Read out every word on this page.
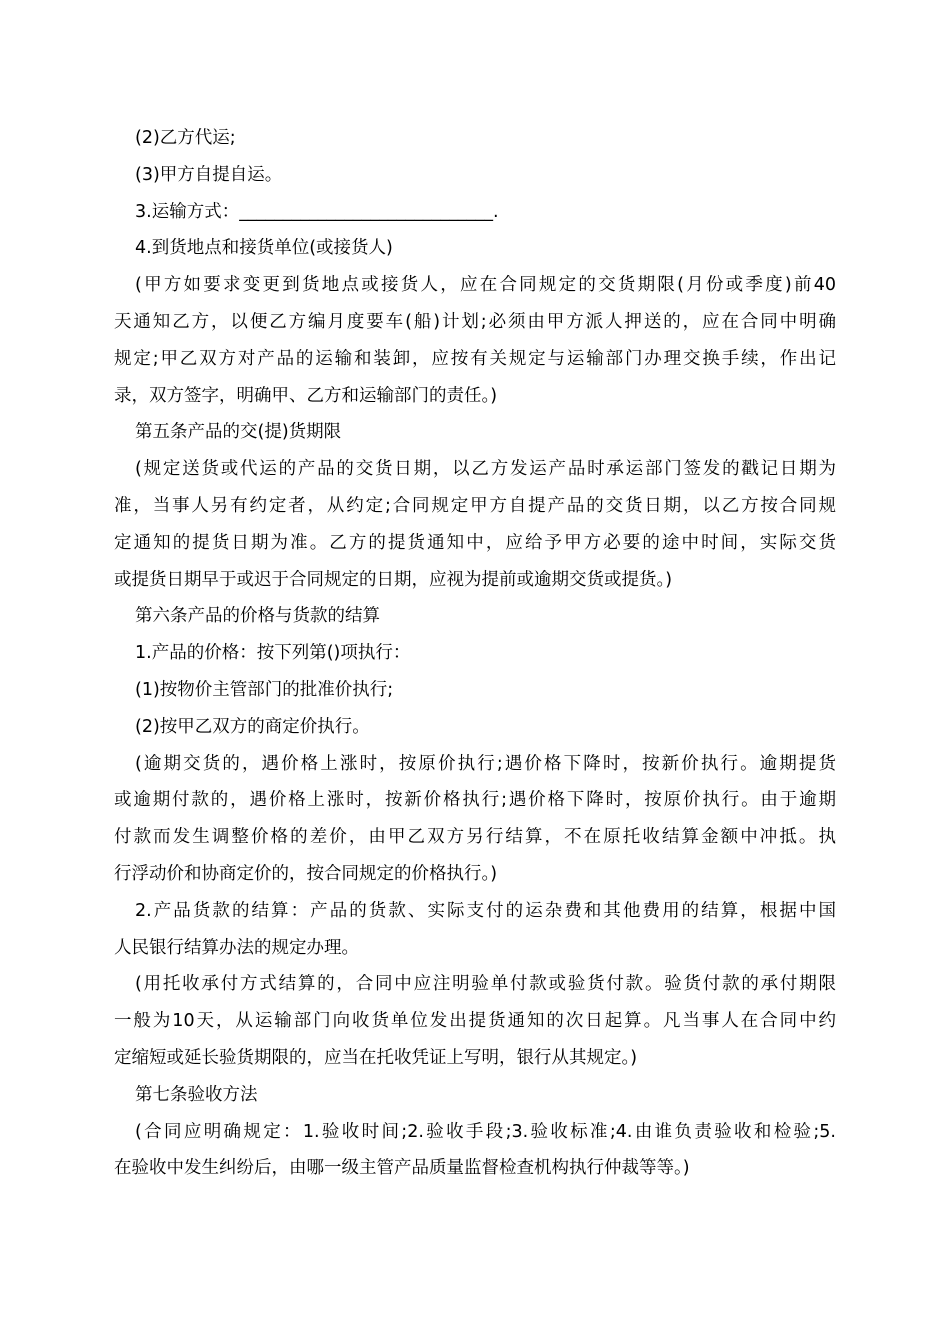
(2)乙方代运;
(3)甲方自提自运。
3.运输方式：_____________________________.
4.到货地点和接货单位(或接货人)
(甲方如要求变更到货地点或接货人，应在合同规定的交货期限(月份或季度)前40
天通知乙方，以便乙方编月度要车(船)计划;必须由甲方派人押送的，应在合同中明确
规定;甲乙双方对产品的运输和装卸，应按有关规定与运输部门办理交换手续，作出记
录，双方签字，明确甲、乙方和运输部门的责任。)
第五条产品的交(提)货期限
(规定送货或代运的产品的交货日期，以乙方发运产品时承运部门签发的戳记日期为
准，当事人另有约定者，从约定;合同规定甲方自提产品的交货日期，以乙方按合同规
定通知的提货日期为准。乙方的提货通知中，应给予甲方必要的途中时间，实际交货
或提货日期早于或迟于合同规定的日期，应视为提前或逾期交货或提货。)
第六条产品的价格与货款的结算
1.产品的价格：按下列第()项执行：
(1)按物价主管部门的批准价执行;
(2)按甲乙双方的商定价执行。
(逾期交货的，遇价格上涨时，按原价执行;遇价格下降时，按新价执行。逾期提货
或逾期付款的，遇价格上涨时，按新价格执行;遇价格下降时，按原价执行。由于逾期
付款而发生调整价格的差价，由甲乙双方另行结算，不在原托收结算金额中冲抵。执
行浮动价和协商定价的，按合同规定的价格执行。)
2.产品货款的结算：产品的货款、实际支付的运杂费和其他费用的结算，根据中国
人民银行结算办法的规定办理。
(用托收承付方式结算的，合同中应注明验单付款或验货付款。验货付款的承付期限
一般为10天，从运输部门向收货单位发出提货通知的次日起算。凡当事人在合同中约
定缩短或延长验货期限的，应当在托收凭证上写明，银行从其规定。)
第七条验收方法
(合同应明确规定：1.验收时间;2.验收手段;3.验收标准;4.由谁负责验收和检验;5.
在验收中发生纠纷后，由哪一级主管产品质量监督检查机构执行仲裁等等。)
